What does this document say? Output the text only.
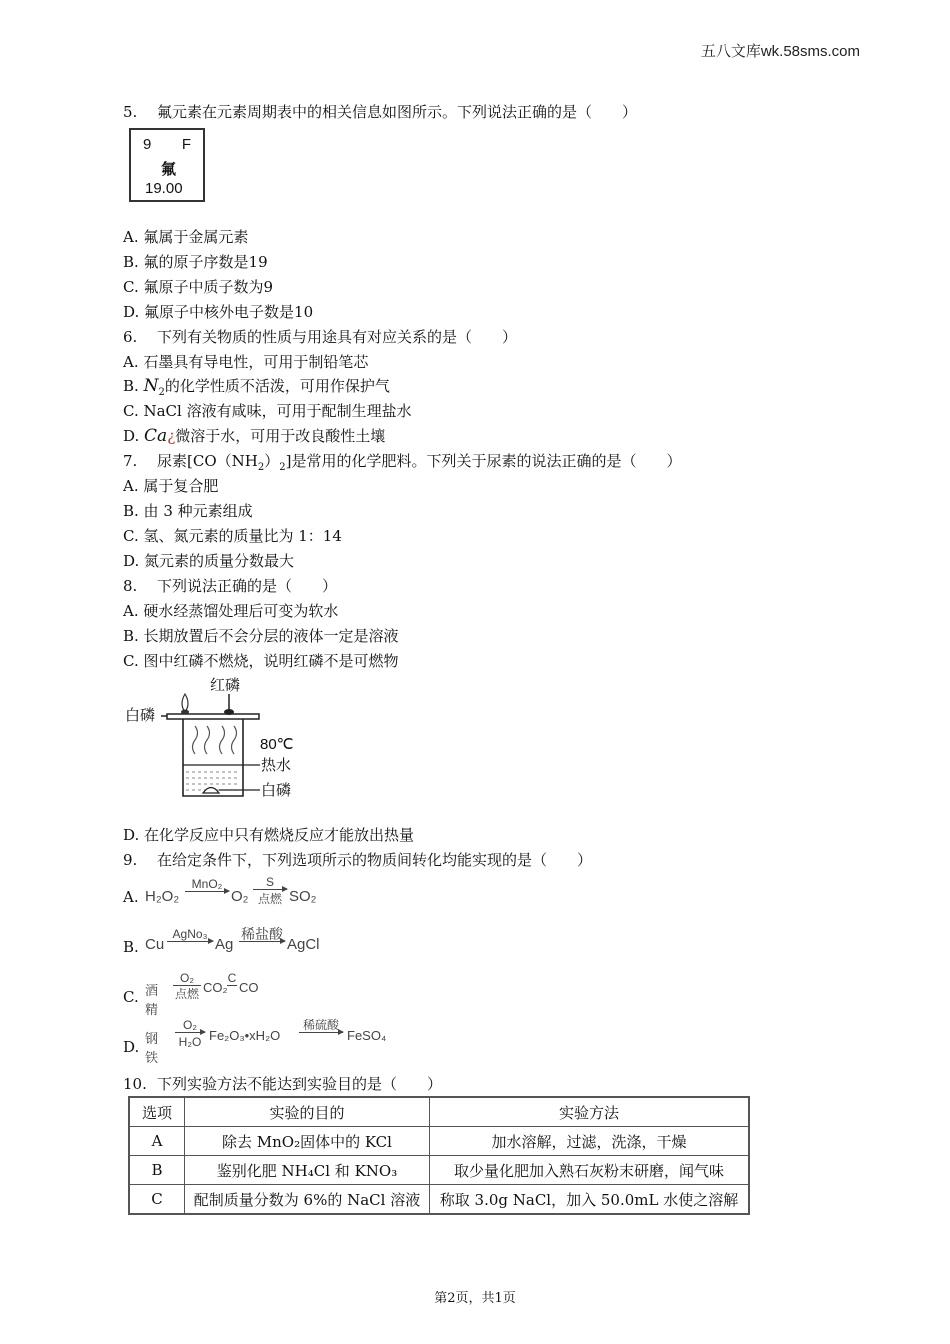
五八文库wk.58sms.com
5. 氟元素在元素周期表中的相关信息如图所示。下列说法正确的是（　　）
9 F
氟
19.00
A. 氟属于金属元素
B. 氟的原子序数是19
C. 氟原子中质子数为9
D. 氟原子中核外电子数是10
6. 下列有关物质的性质与用途具有对应关系的是（　　）
A. 石墨具有导电性，可用于制铅笔芯
B. $N_2$的化学性质不活泼，可用作保护气
C. NaCl 溶液有咸味，可用于配制生理盐水
D. Ca¿微溶于水，可用于改良酸性土壤
7. 尿素$[CO(NH_2)_2]$是常用的化学肥料。下列关于尿素的说法正确的是（　　）
A. 属于复合肥
B. 由 3 种元素组成
C. 氢、氮元素的质量比为 1：14
D. 氮元素的质量分数最大
8. 下列说法正确的是（　　）
A. 硬水经蒸馏处理后可变为软水
B. 长期放置后不会分层的液体一定是溶液
C. 图中红磷不燃烧，说明红磷不是可燃物
红磷
白磷
80℃
热水
白磷
D. 在化学反应中只有燃烧反应才能放出热量
9. 在给定条件下，下列选项所示的物质间转化均能实现的是（　　）
A. H₂O₂
MnO₂
O₂
S
点燃 SO₂
B. Cu
AgNo₃
Ag
稀盐酸
AgCl
C. 酒精
O₂
点燃 CO₂
C
CO
D. 钢铁
O₂
H₂O Fe₂O₃•xH₂O
稀硫酸
FeSO₄
10. 下列实验方法不能达到实验目的是（　　）
选项	实验的目的	实验方法
A	除去 MnO₂固体中的 KCl	加水溶解，过滤，洗涤，干燥
B	鉴别化肥 NH₄Cl 和 KNO₃	取少量化肥加入熟石灰粉末研磨，闻气味
C	配制质量分数为 6%的 NaCl 溶液	称取 3.0g NaCl，加入 50.0mL 水使之溶解
第2页，共1页
